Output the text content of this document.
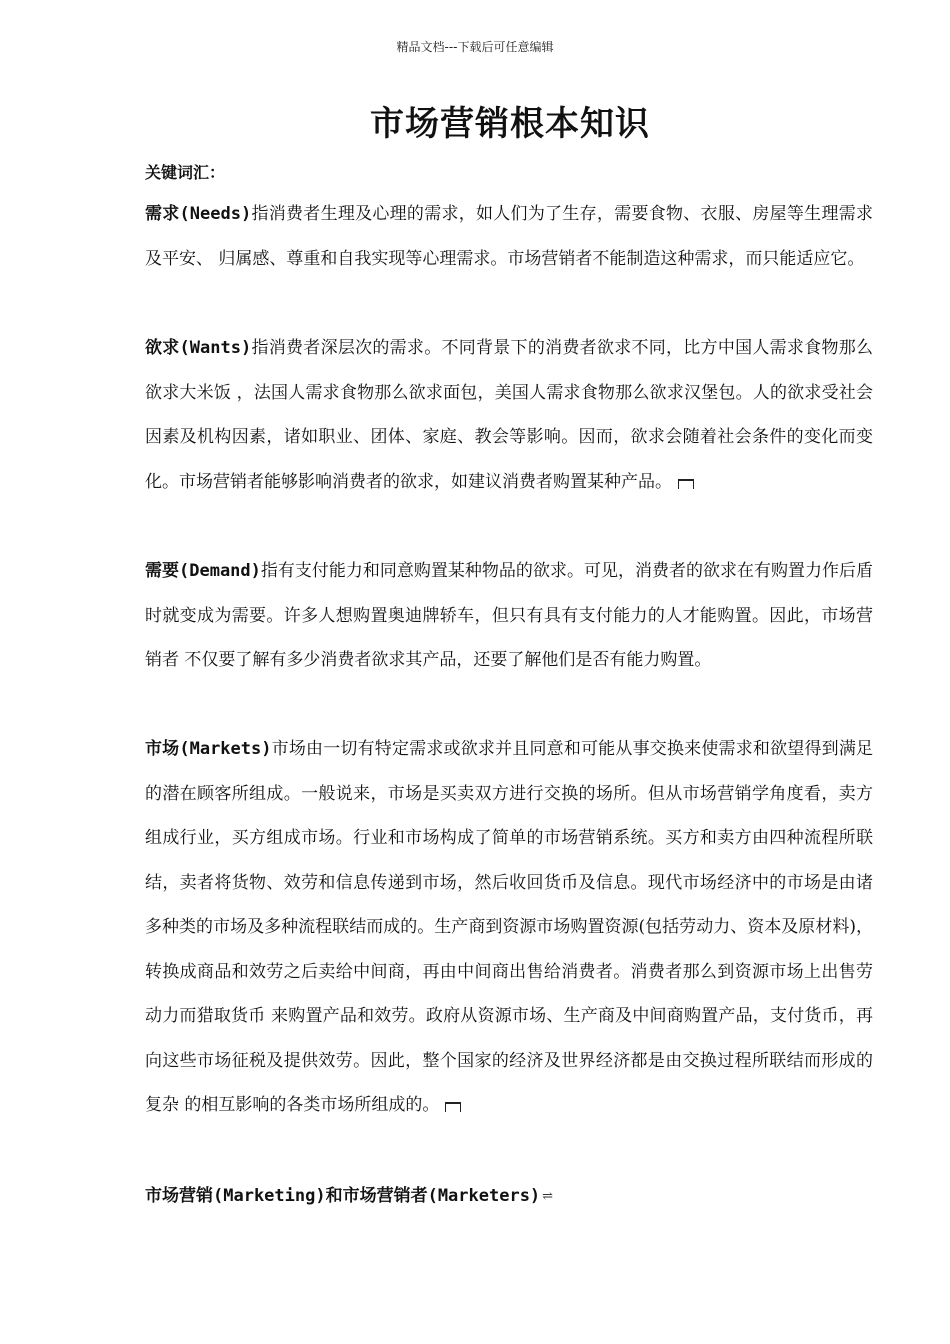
精品文档---下载后可任意编辑
市场营销根本知识
关键词汇：

需求(Needs)指消费者生理及心理的需求，如人们为了生存，需要食物、衣服、房屋等生理需求及平安、 归属感、尊重和自我实现等心理需求。市场营销者不能制造这种需求，而只能适应它。

欲求(Wants)指消费者深层次的需求。不同背景下的消费者欲求不同，比方中国人需求食物那么欲求大米饭 ，法国人需求食物那么欲求面包，美国人需求食物那么欲求汉堡包。人的欲求受社会因素及机构因素，诸如职业、团体、家庭、教会等影响。因而，欲求会随着社会条件的变化而变化。市场营销者能够影响消费者的欲求，如建议消费者购置某种产品。

需要(Demand)指有支付能力和同意购置某种物品的欲求。可见，消费者的欲求在有购置力作后盾时就变成为需要。许多人想购置奥迪牌轿车，但只有具有支付能力的人才能购置。因此，市场营销者 不仅要了解有多少消费者欲求其产品，还要了解他们是否有能力购置。

市场(Markets)市场由一切有特定需求或欲求并且同意和可能从事交换来使需求和欲望得到满足的潜在顾客所组成。一般说来，市场是买卖双方进行交换的场所。但从市场营销学角度看，卖方组成行业，买方组成市场。行业和市场构成了简单的市场营销系统。买方和卖方由四种流程所联结，卖者将货物、效劳和信息传递到市场，然后收回货币及信息。现代市场经济中的市场是由诸多种类的市场及多种流程联结而成的。生产商到资源市场购置资源(包括劳动力、资本及原材料)，转换成商品和效劳之后卖给中间商，再由中间商出售给消费者。消费者那么到资源市场上出售劳动力而猎取货币 来购置产品和效劳。政府从资源市场、生产商及中间商购置产品，支付货币，再向这些市场征税及提供效劳。因此，整个国家的经济及世界经济都是由交换过程所联结而形成的复杂 的相互影响的各类市场所组成的。

市场营销(Marketing)和市场营销者(Marketers) ⇌
